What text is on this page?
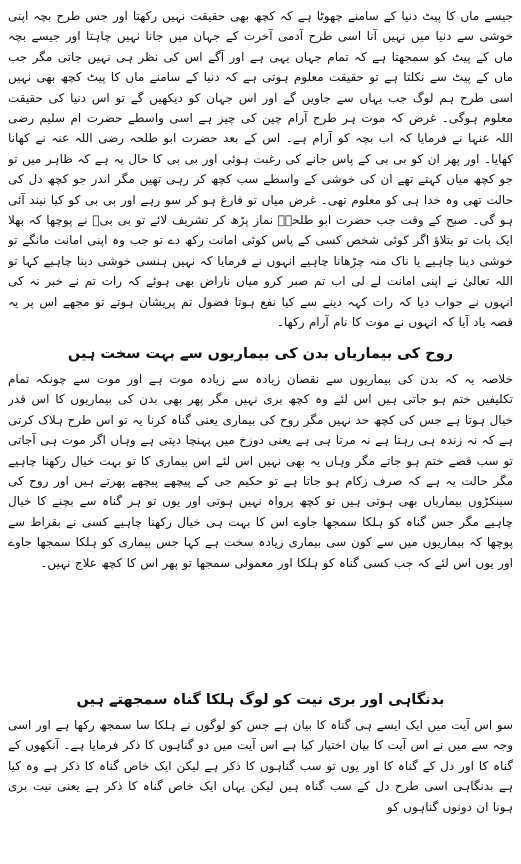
جیسے ماں کا پیٹ دنیا کے سامنے چھوٹا ہے کہ کچھ بھی حقیقت نہیں رکھتا اور جس طرح بچہ اپنی خوشی سے دنیا میں نہیں آنا اسی طرح آدمی آخرت کے جہان میں جانا نہیں چاہتا اور جیسے بچہ ماں کے پیٹ کو سمجھتا ہے کہ تمام جہاں یہی ہے اور آگے اس کی نظر ہی نہیں جاتی مگر جب ماں کے پیٹ سے نکلتا ہے تو حقیقت معلوم ہوتی ہے کہ دنیا کے سامنے ماں کا پیٹ کچھ بھی نہیں اسی طرح ہم لوگ جب یہاں سے جاویں گے اور اس جہان کو دیکھیں گے تو اس دنیا کی حقیقت معلوم ہوگی۔ غرض کہ موت ہر طرح آرام چین کی چیز ہے اسی واسطے حضرت ام سلیم رضی اللہ عنہا نے فرمایا کہ اب بچہ کو آرام ہے۔ اس کے بعد حضرت ابو طلحہ رضی اللہ عنہ نے کھانا کھایا۔ اور پھر ان کو بی بی کے پاس جانے کی رغبت ہوئی اور بی بی کا حال یہ ہے کہ ظاہر میں تو جو کچھ میاں کہتے تھے ان کی خوشی کے واسطے سب کچھ کر رہی تھیں مگر اندر جو کچھ دل کی حالت تھی وہ خدا ہی کو معلوم تھی۔ غرض میاں تو فارغ ہو کر سو رہے اور بی بی کو کیا نیند آئی ہو گی۔ صبح کے وقت جب حضرت ابو طلحہؓ نماز پڑھ کر تشریف لائے تو بی بیؓ نے پوچھا کہ بھلا ایک بات تو بتلاؤ اگر کوئی شخص کسی کے پاس کوئی امانت رکھ دے تو جب وہ اپنی امانت مانگے تو خوشی دینا چاہیے یا ناک منہ چڑھانا چاہیے انہوں نے فرمایا کہ نہیں ہنسی خوشی دینا چاہیے کہا تو اللہ تعالیٰ نے اپنی امانت لے لی اب تم صبر کرو میاں ناراض بھی ہوئے کہ رات تم نے خبر نہ کی انہوں نے جواب دیا کہ رات کہہ دینے سے کیا نفع ہوتا فضول تم پریشان ہوتے تو مجھے اس پر یہ قصہ یاد آیا کہ انہوں نے موت کا نام آرام رکھا۔

روح کی بیماریاں بدن کی بیماریوں سے بہت سخت ہیں

خلاصہ یہ کہ بدن کی بیماریوں سے نقصان زیادہ سے زیادہ موت ہے اور موت سے چونکہ تمام تکلیفیں ختم ہو جاتی ہیں اس لئے وہ کچھ بری نہیں مگر پھر بھی بدن کی بیماریوں کا اس قدر خیال ہوتا ہے جس کی کچھ حد نہیں مگر روح کی بیماری یعنی گناہ کرنا یہ تو اس طرح ہلاک کرتی ہے کہ نہ زندہ ہی رہتا ہے نہ مرتا ہی ہے یعنی دوزخ میں پہنچا دیتی ہے وہاں اگر موت ہی آجاتی تو سب قصے ختم ہو جاتے مگر وہاں یہ بھی نہیں اس لئے اس بیماری کا تو بہت خیال رکھنا چاہیے مگر حالت یہ ہے کہ صرف زکام ہو جاتا ہے تو حکیم جی کے پیچھے پیچھے پھرتے ہیں اور روح کی سینکڑوں بیماریاں بھی ہوتی ہیں تو کچھ پرواہ نہیں ہوتی اور یوں تو ہر گناہ سے بچنے کا خیال چاہیے مگر جس گناہ کو ہلکا سمجھا جاوے اس کا بہت ہی خیال رکھنا چاہیے کسی نے بقراط سے پوچھا کہ بیماریوں میں سے کون سی بیماری زیادہ سخت ہے کہا جس بیماری کو ہلکا سمجھا جاوے اور یوں اس لئے کہ جب کسی گناہ کو ہلکا اور معمولی سمجھا تو پھر اس کا کچھ علاج نہیں۔

بدنگاہی اور بری نیت کو لوگ ہلکا گناہ سمجھتے ہیں

سو اس آیت میں ایک ایسے ہی گناہ کا بیان ہے جس کو لوگوں نے ہلکا سا سمجھ رکھا ہے اور اسی وجہ سے میں نے اس آیت کا بیان اختیار کیا ہے اس آیت میں دو گناہوں کا ذکر فرمایا ہے۔ آنکھوں کے گناہ کا اور دل کے گناہ کا اور یوں تو سب گناہوں کا ذکر ہے لیکن ایک خاص گناہ کا ذکر ہے وہ کیا ہے بدنگاہی اسی طرح دل کے سب گناہ ہیں لیکن یہاں ایک خاص گناہ کا ذکر ہے یعنی نیت بری ہونا ان دونوں گناہوں کو
